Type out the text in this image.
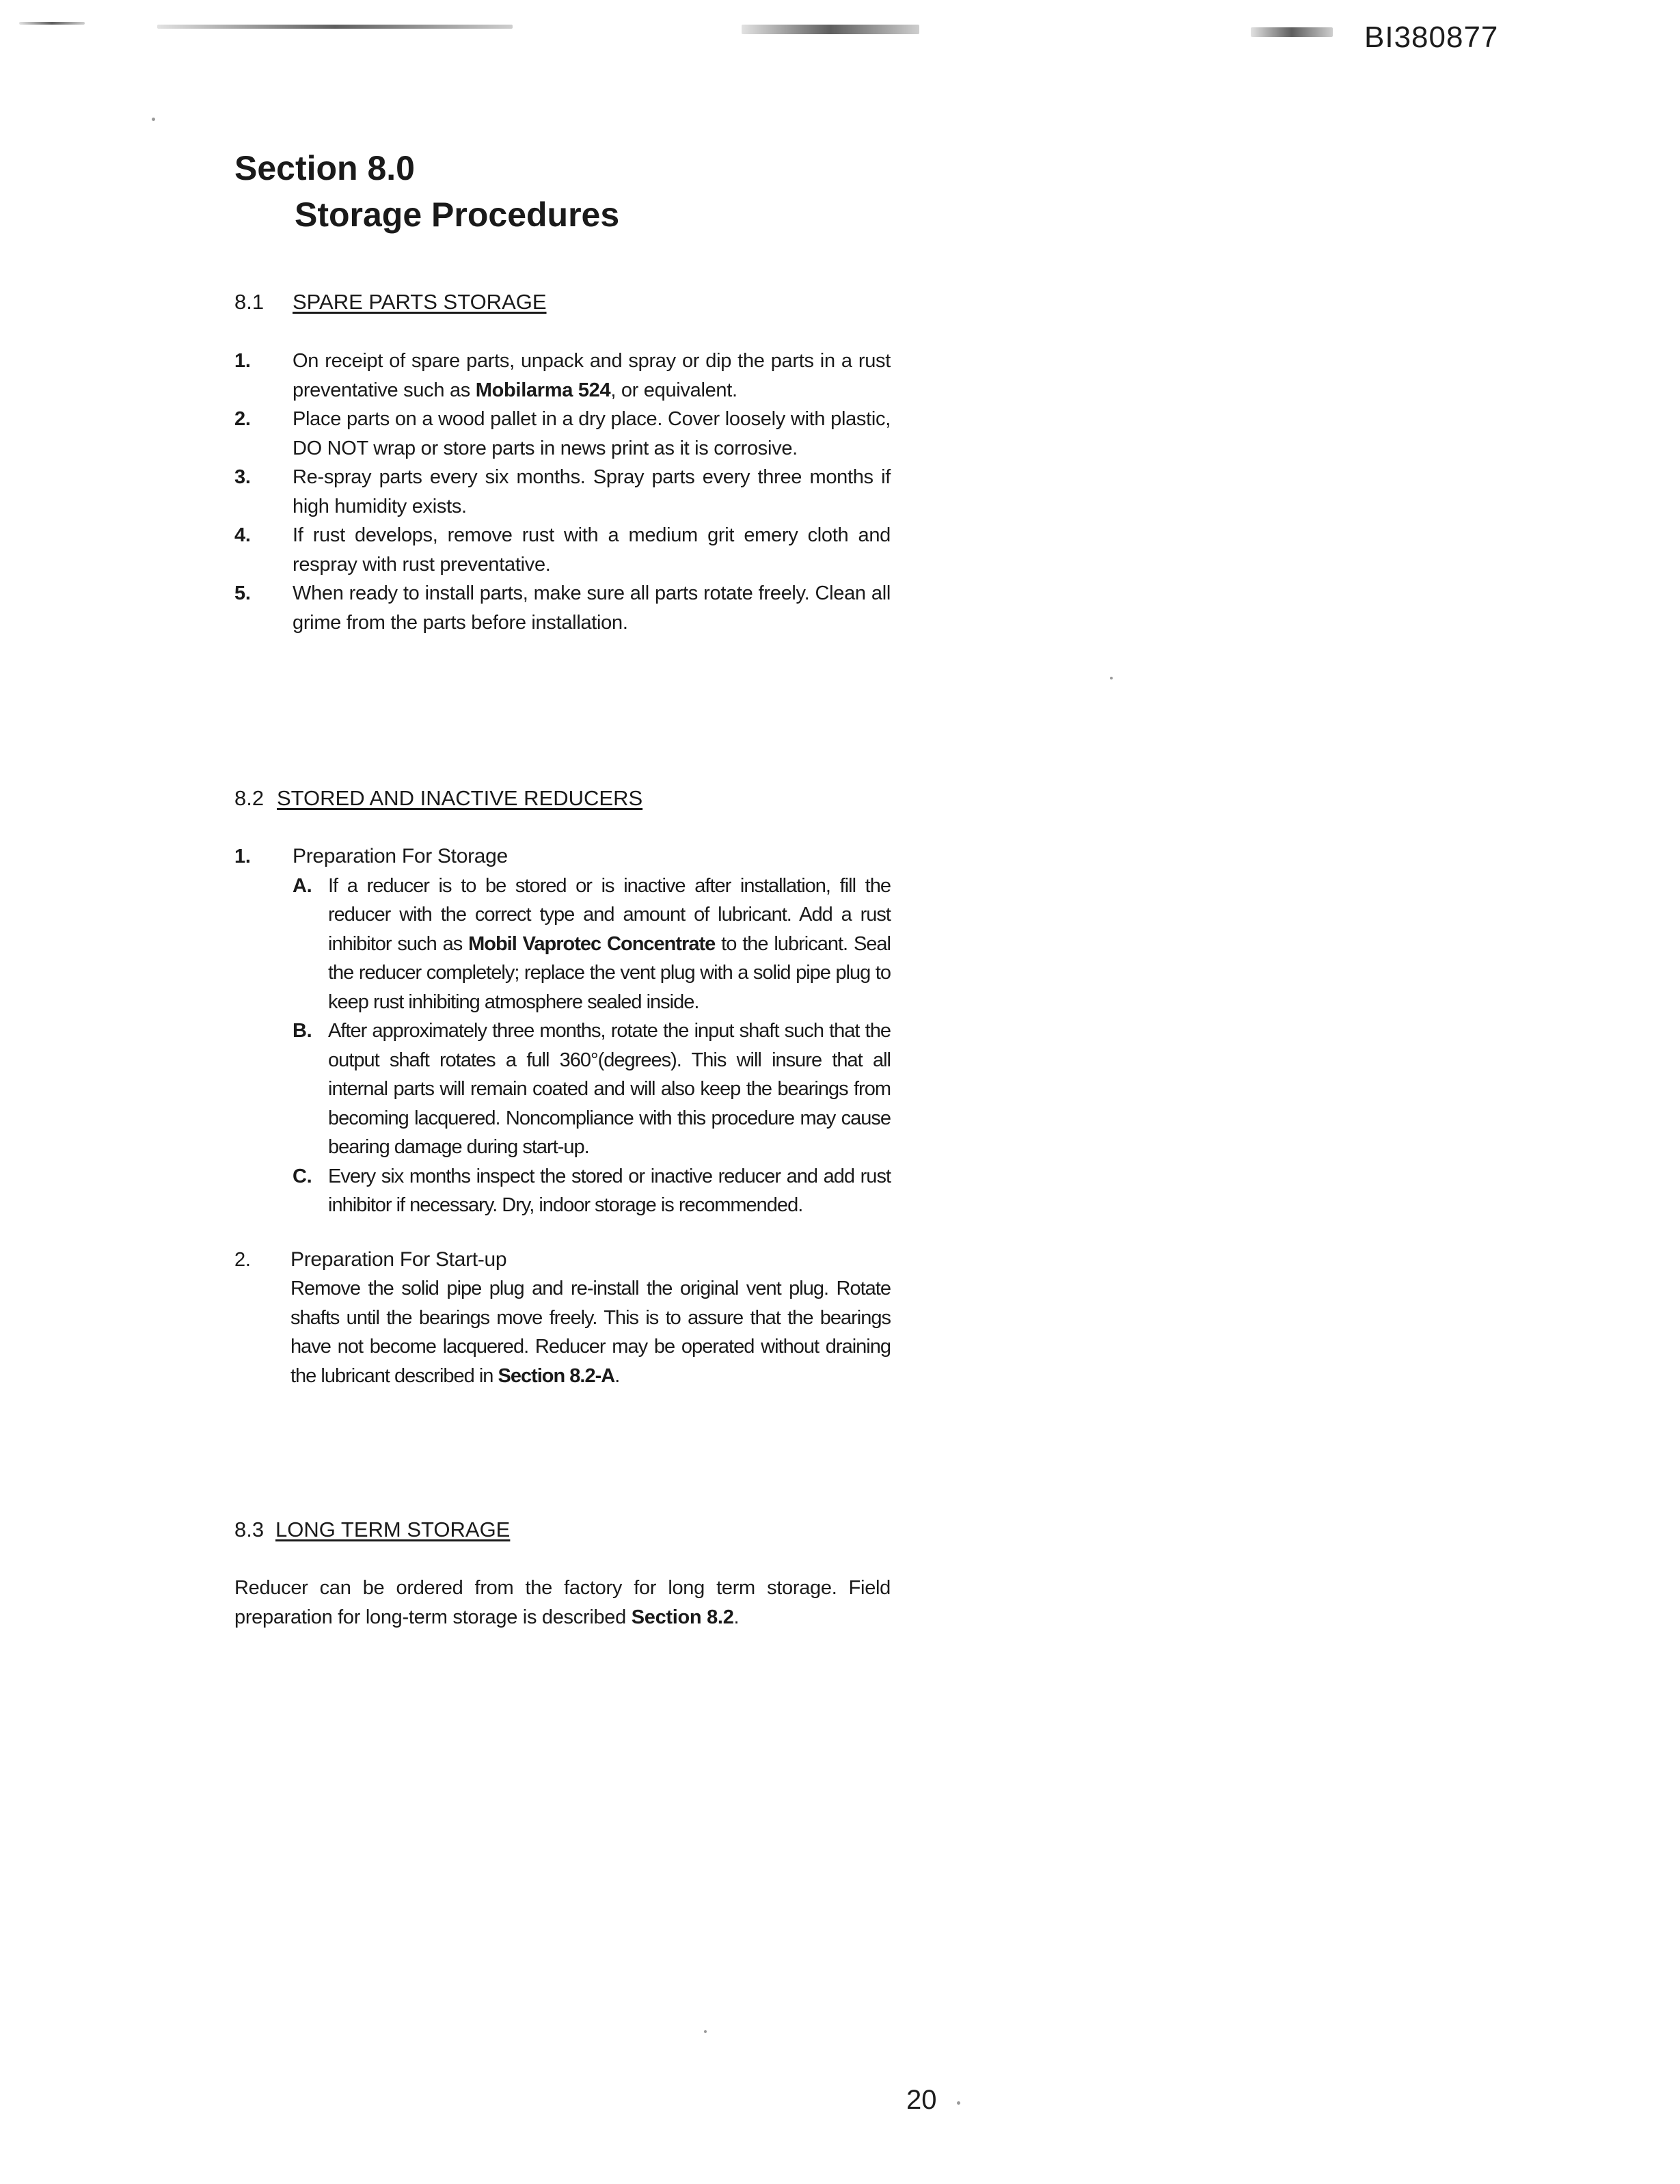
BI380877
Section 8.0
Storage Procedures
8.1	SPARE PARTS STORAGE
1.	On receipt of spare parts, unpack and spray or dip the parts in a rust preventative such as Mobilarma 524, or equivalent.
2.	Place parts on a wood pallet in a dry place. Cover loosely with plastic, DO NOT wrap or store parts in news print as it is corrosive.
3.	Re-spray parts every six months. Spray parts every three months if high humidity exists.
4.	If rust develops, remove rust with a medium grit emery cloth and respray with rust preventative.
5.	When ready to install parts, make sure all parts rotate freely. Clean all grime from the parts before installation.
8.2 STORED AND INACTIVE REDUCERS
1.	Preparation For Storage
A. If a reducer is to be stored or is inactive after installation, fill the reducer with the correct type and amount of lubricant. Add a rust inhibitor such as Mobil Vaprotec Concentrate to the lubricant. Seal the reducer completely; replace the vent plug with a solid pipe plug to keep rust inhibiting atmosphere sealed inside.
B. After approximately three months, rotate the input shaft such that the output shaft rotates a full 360°(degrees). This will insure that all internal parts will remain coated and will also keep the bearings from becoming lacquered. Noncompliance with this procedure may cause bearing damage during start-up.
C. Every six months inspect the stored or inactive reducer and add rust inhibitor if necessary. Dry, indoor storage is recommended.
2.	Preparation For Start-up
Remove the solid pipe plug and re-install the original vent plug. Rotate shafts until the bearings move freely. This is to assure that the bearings have not become lacquered. Reducer may be operated without draining the lubricant described in Section 8.2-A.
8.3 LONG TERM STORAGE
Reducer can be ordered from the factory for long term storage. Field preparation for long-term storage is described Section 8.2.
20
